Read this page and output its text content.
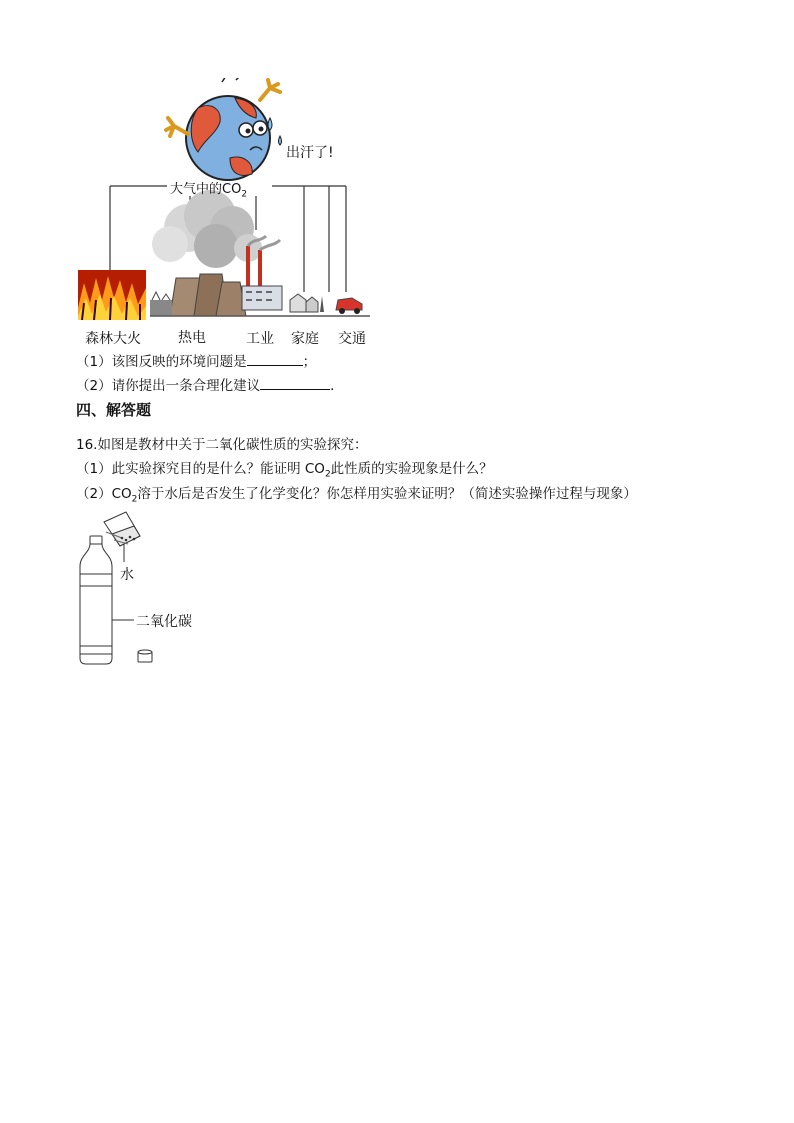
出汗了!
大气中的$CO_2$
森林大火	热电	工业 家庭 交通
（1）该图反映的环境问题是	；
（2）请你提出一条合理化建议	．
四、解答题
16.如图是教材中关于二氧化碳性质的实验探究：
（1）此实验探究目的是什么？能证明 $CO_2$此性质的实验现象是什么？
$(2)CO_2$溶于水后是否发生了化学变化？你怎样用实验来证明？（简述实验操作过程与现象）
水
二氧化碳
